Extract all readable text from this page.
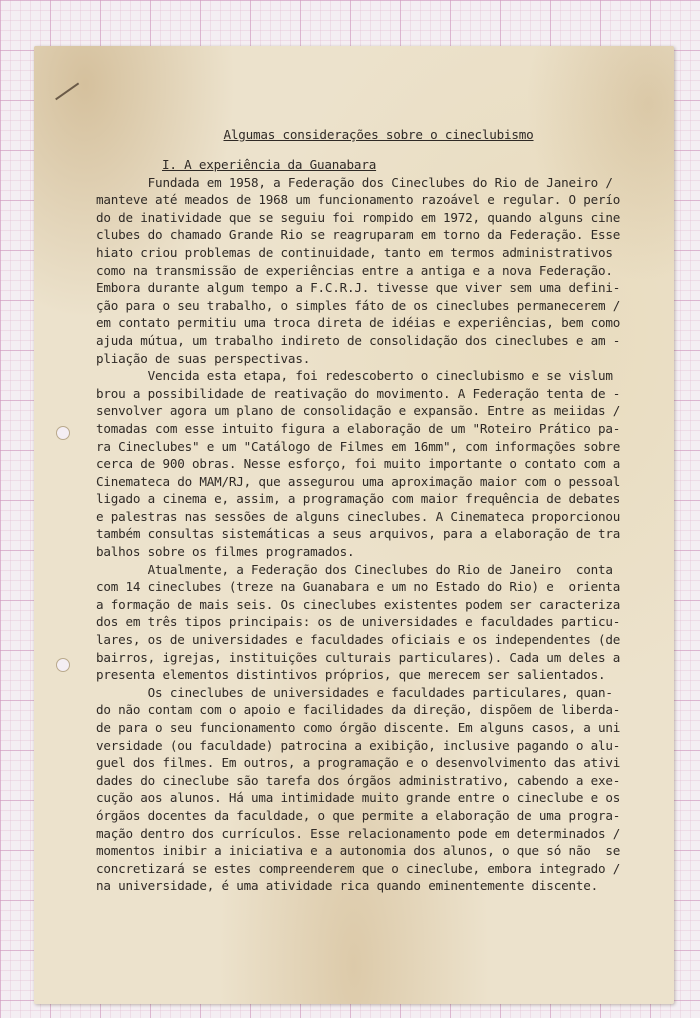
Algumas considerações sobre o cineclubismo
I. A experiência da Guanabara
Fundada em 1958, a Federação dos Cineclubes do Rio de Janeiro /
manteve até meados de 1968 um funcionamento razoável e regular. O perío
do de inatividade que se seguiu foi rompido em 1972, quando alguns cine
clubes do chamado Grande Rio se reagruparam em torno da Federação. Esse
hiato criou problemas de continuidade, tanto em termos administrativos
como na transmissão de experiências entre a antiga e a nova Federação.
Embora durante algum tempo a F.C.R.J. tivesse que viver sem uma defini-
ção para o seu trabalho, o simples fáto de os cineclubes permanecerem /
em contato permitiu uma troca direta de idéias e experiências, bem como
ajuda mútua, um trabalho indireto de consolidação dos cineclubes e am -
pliação de suas perspectivas.
Vencida esta etapa, foi redescoberto o cineclubismo e se vislum
brou a possibilidade de reativação do movimento. A Federação tenta de -
senvolver agora um plano de consolidação e expansão. Entre as meiidas /
tomadas com esse intuito figura a elaboração de um "Roteiro Prático pa-
ra Cineclubes" e um "Catálogo de Filmes em 16mm", com informações sobre
cerca de 900 obras. Nesse esforço, foi muito importante o contato com a
Cinemateca do MAM/RJ, que assegurou uma aproximação maior com o pessoal
ligado a cinema e, assim, a programação com maior frequência de debates
e palestras nas sessões de alguns cineclubes. A Cinemateca proporcionou
também consultas sistemáticas a seus arquivos, para a elaboração de tra
balhos sobre os filmes programados.
Atualmente, a Federação dos Cineclubes do Rio de Janeiro  conta
com 14 cineclubes (treze na Guanabara e um no Estado do Rio) e  orienta
a formação de mais seis. Os cineclubes existentes podem ser caracteriza
dos em três tipos principais: os de universidades e faculdades particu-
lares, os de universidades e faculdades oficiais e os independentes (de
bairros, igrejas, instituições culturais particulares). Cada um deles a
presenta elementos distintivos próprios, que merecem ser salientados.
Os cineclubes de universidades e faculdades particulares, quan-
do não contam com o apoio e facilidades da direção, dispõem de liberda-
de para o seu funcionamento como órgão discente. Em alguns casos, a uni
versidade (ou faculdade) patrocina a exibição, inclusive pagando o alu-
guel dos filmes. Em outros, a programação e o desenvolvimento das ativi
dades do cineclube são tarefa dos órgãos administrativo, cabendo a exe-
cução aos alunos. Há uma intimidade muito grande entre o cineclube e os
órgãos docentes da faculdade, o que permite a elaboração de uma progra-
mação dentro dos currículos. Esse relacionamento pode em determinados /
momentos inibir a iniciativa e a autonomia dos alunos, o que só não  se
concretizará se estes compreenderem que o cineclube, embora integrado /
na universidade, é uma atividade rica quando eminentemente discente.
